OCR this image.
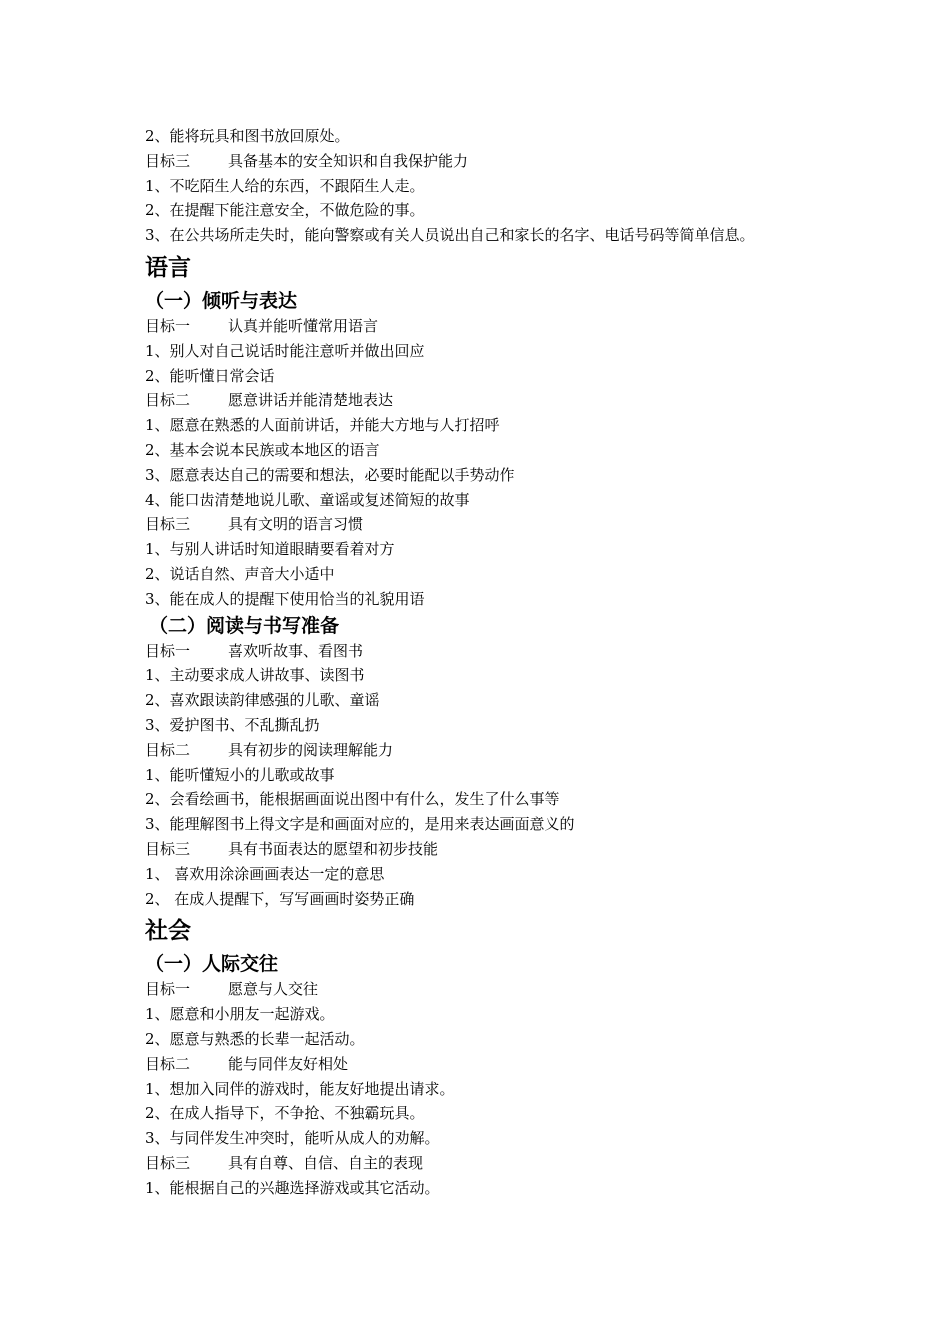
2、能将玩具和图书放回原处。
目标三	具备基本的安全知识和自我保护能力
1、不吃陌生人给的东西，不跟陌生人走。
2、在提醒下能注意安全，不做危险的事。
3、在公共场所走失时，能向警察或有关人员说出自己和家长的名字、电话号码等简单信息。
语言
（一）倾听与表达
目标一	认真并能听懂常用语言
1、别人对自己说话时能注意听并做出回应
2、能听懂日常会话
目标二	愿意讲话并能清楚地表达
1、愿意在熟悉的人面前讲话，并能大方地与人打招呼
2、基本会说本民族或本地区的语言
3、愿意表达自己的需要和想法，必要时能配以手势动作
4、能口齿清楚地说儿歌、童谣或复述简短的故事
目标三	具有文明的语言习惯
1、与别人讲话时知道眼睛要看着对方
2、说话自然、声音大小适中
3、能在成人的提醒下使用恰当的礼貌用语
（二）阅读与书写准备
目标一	喜欢听故事、看图书
1、主动要求成人讲故事、读图书
2、喜欢跟读韵律感强的儿歌、童谣
3、爱护图书、不乱撕乱扔
目标二	具有初步的阅读理解能力
1、能听懂短小的儿歌或故事
2、会看绘画书，能根据画面说出图中有什么，发生了什么事等
3、能理解图书上得文字是和画面对应的，是用来表达画面意义的
目标三	具有书面表达的愿望和初步技能
1、 喜欢用涂涂画画表达一定的意思
2、 在成人提醒下，写写画画时姿势正确
社会
（一）人际交往
目标一	愿意与人交往
1、愿意和小朋友一起游戏。
2、愿意与熟悉的长辈一起活动。
目标二	能与同伴友好相处
1、想加入同伴的游戏时，能友好地提出请求。
2、在成人指导下，不争抢、不独霸玩具。
3、与同伴发生冲突时，能听从成人的劝解。
目标三	具有自尊、自信、自主的表现
1、能根据自己的兴趣选择游戏或其它活动。
